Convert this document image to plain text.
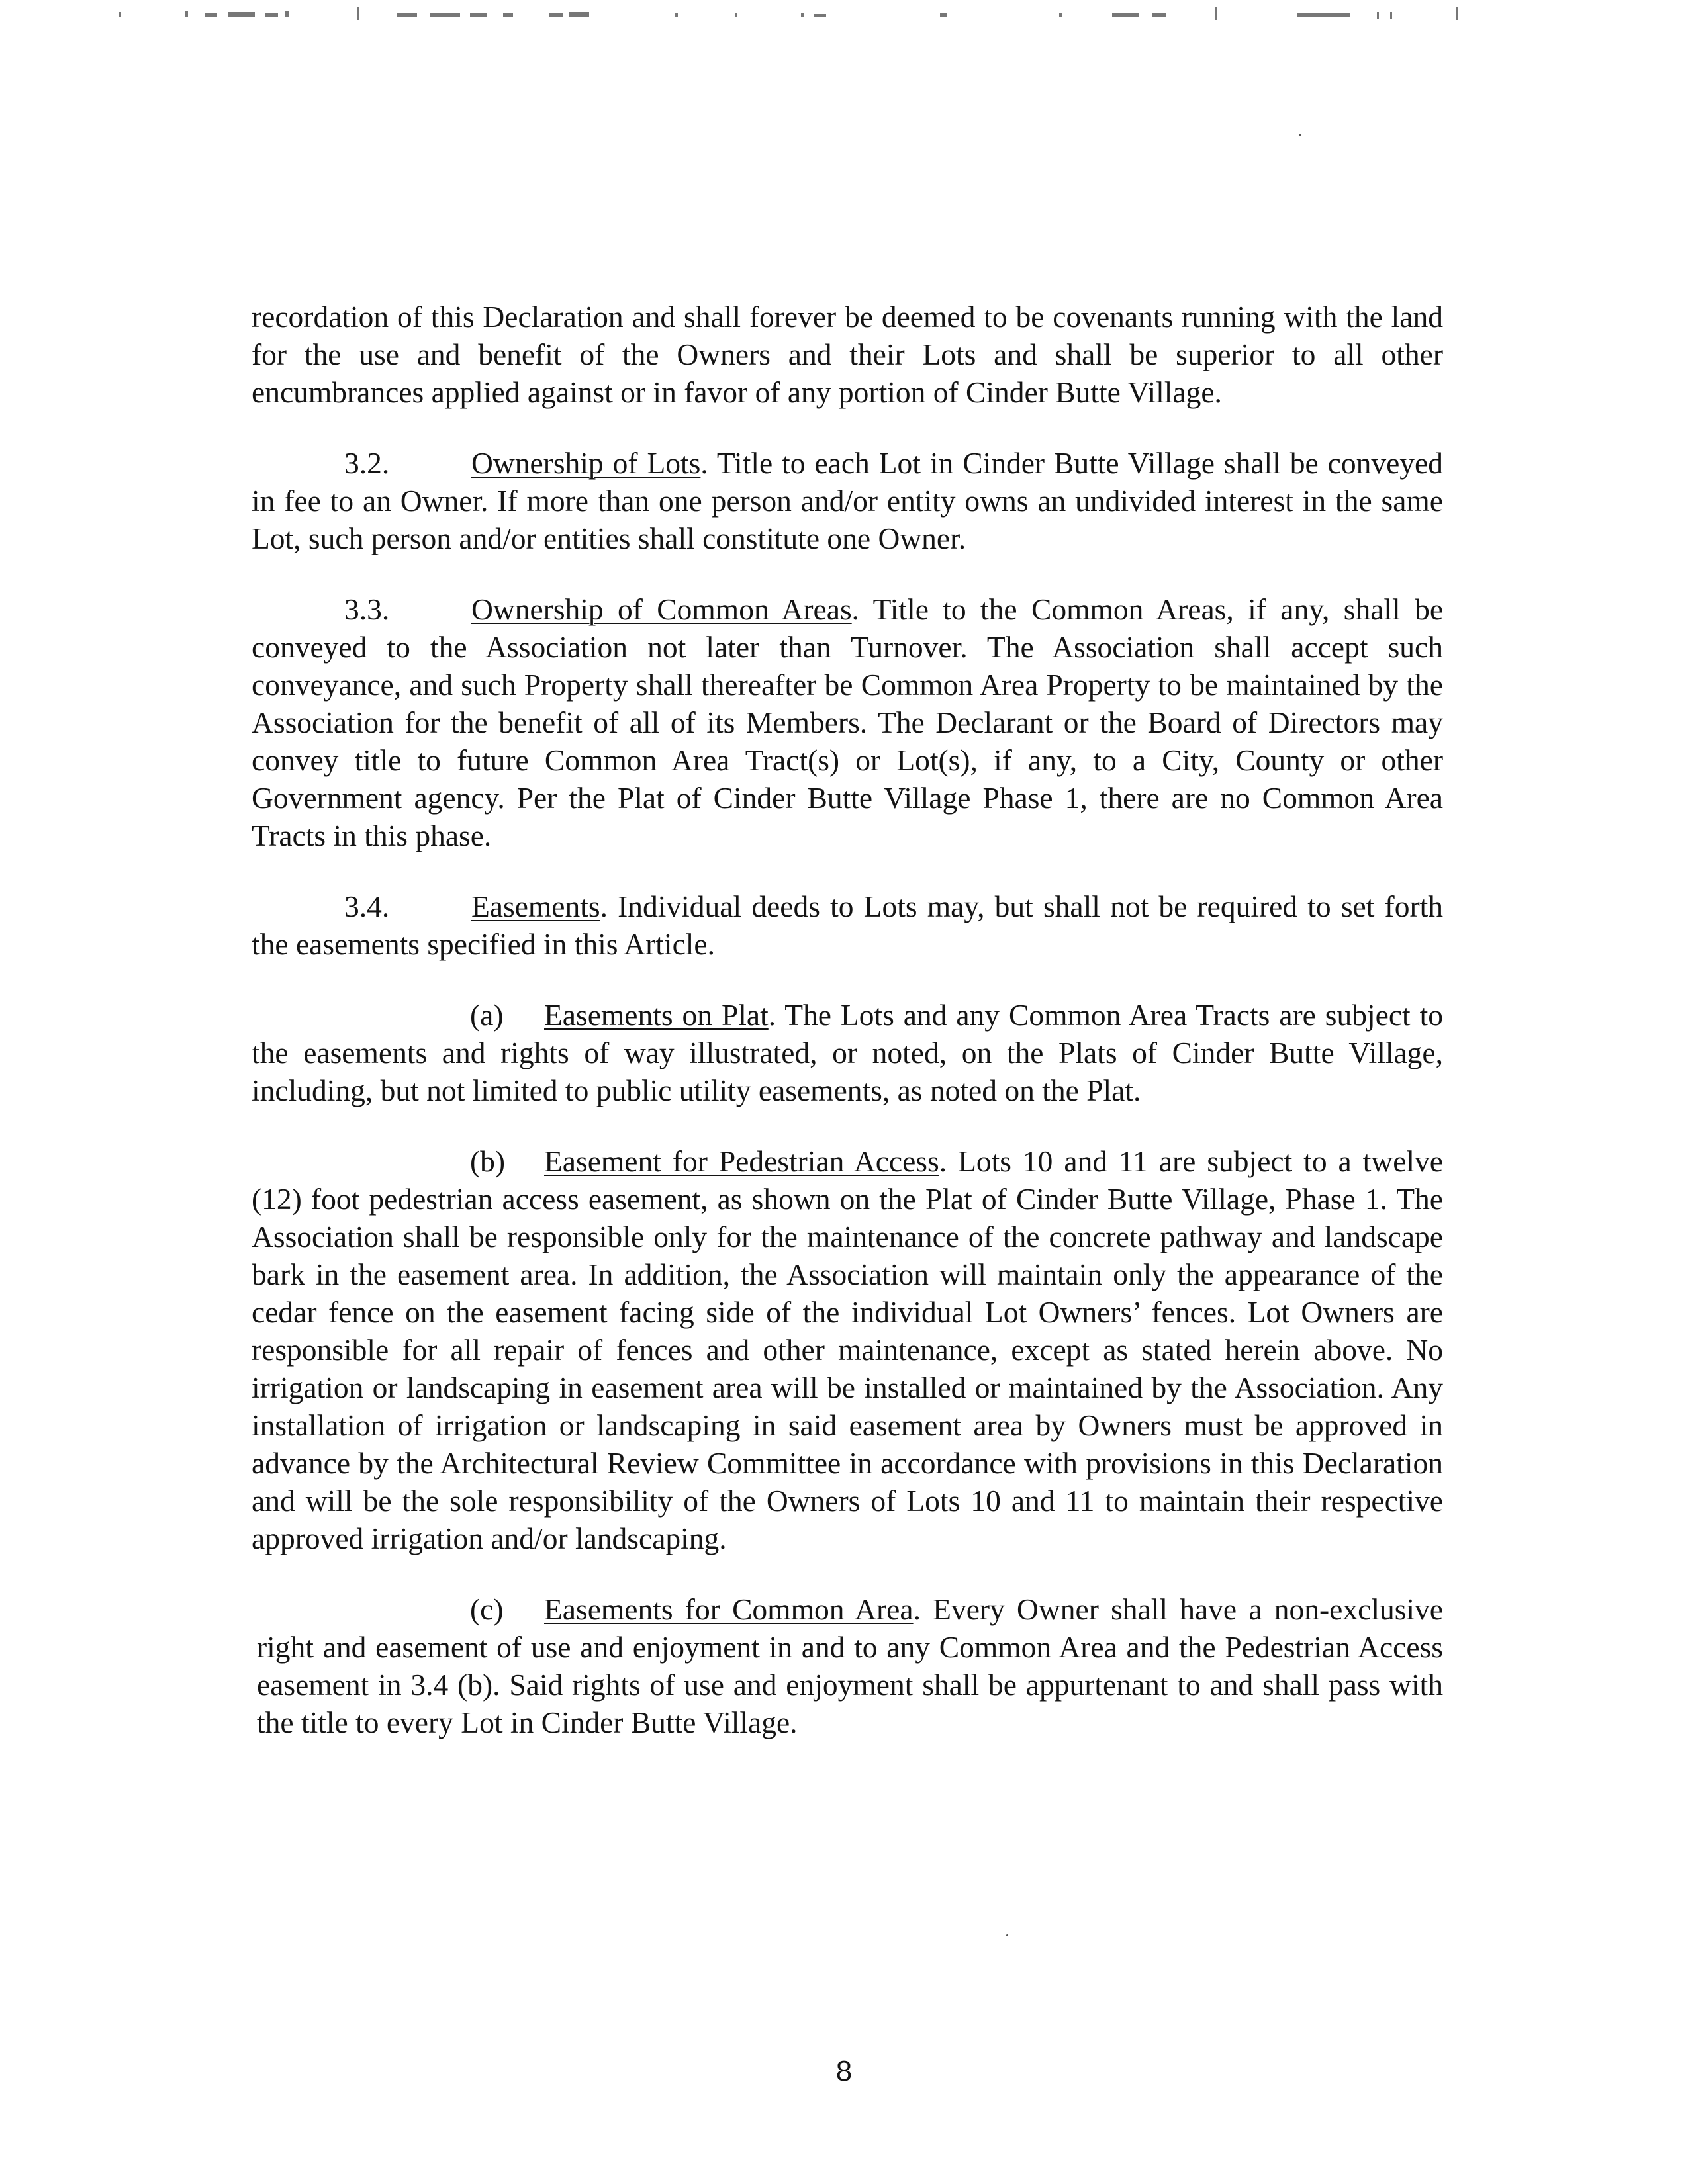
recordation of this Declaration and shall forever be deemed to be covenants running with the land for the use and benefit of the Owners and their Lots and shall be superior to all other encumbrances applied against or in favor of any portion of Cinder Butte Village.

3.2.	Ownership of Lots. Title to each Lot in Cinder Butte Village shall be conveyed in fee to an Owner. If more than one person and/or entity owns an undivided interest in the same Lot, such person and/or entities shall constitute one Owner.

3.3.	Ownership of Common Areas. Title to the Common Areas, if any, shall be conveyed to the Association not later than Turnover. The Association shall accept such conveyance, and such Property shall thereafter be Common Area Property to be maintained by the Association for the benefit of all of its Members. The Declarant or the Board of Directors may convey title to future Common Area Tract(s) or Lot(s), if any, to a City, County or other Government agency. Per the Plat of Cinder Butte Village Phase 1, there are no Common Area Tracts in this phase.

3.4.	Easements. Individual deeds to Lots may, but shall not be required to set forth the easements specified in this Article.

(a) Easements on Plat. The Lots and any Common Area Tracts are subject to the easements and rights of way illustrated, or noted, on the Plats of Cinder Butte Village, including, but not limited to public utility easements, as noted on the Plat.

(b) Easement for Pedestrian Access. Lots 10 and 11 are subject to a twelve (12) foot pedestrian access easement, as shown on the Plat of Cinder Butte Village, Phase 1. The Association shall be responsible only for the maintenance of the concrete pathway and landscape bark in the easement area. In addition, the Association will maintain only the appearance of the cedar fence on the easement facing side of the individual Lot Owners’ fences. Lot Owners are responsible for all repair of fences and other maintenance, except as stated herein above. No irrigation or landscaping in easement area will be installed or maintained by the Association. Any installation of irrigation or landscaping in said easement area by Owners must be approved in advance by the Architectural Review Committee in accordance with provisions in this Declaration and will be the sole responsibility of the Owners of Lots 10 and 11 to maintain their respective approved irrigation and/or landscaping.

(c) Easements for Common Area. Every Owner shall have a non-exclusive right and easement of use and enjoyment in and to any Common Area and the Pedestrian Access easement in 3.4 (b). Said rights of use and enjoyment shall be appurtenant to and shall pass with the title to every Lot in Cinder Butte Village.

8
